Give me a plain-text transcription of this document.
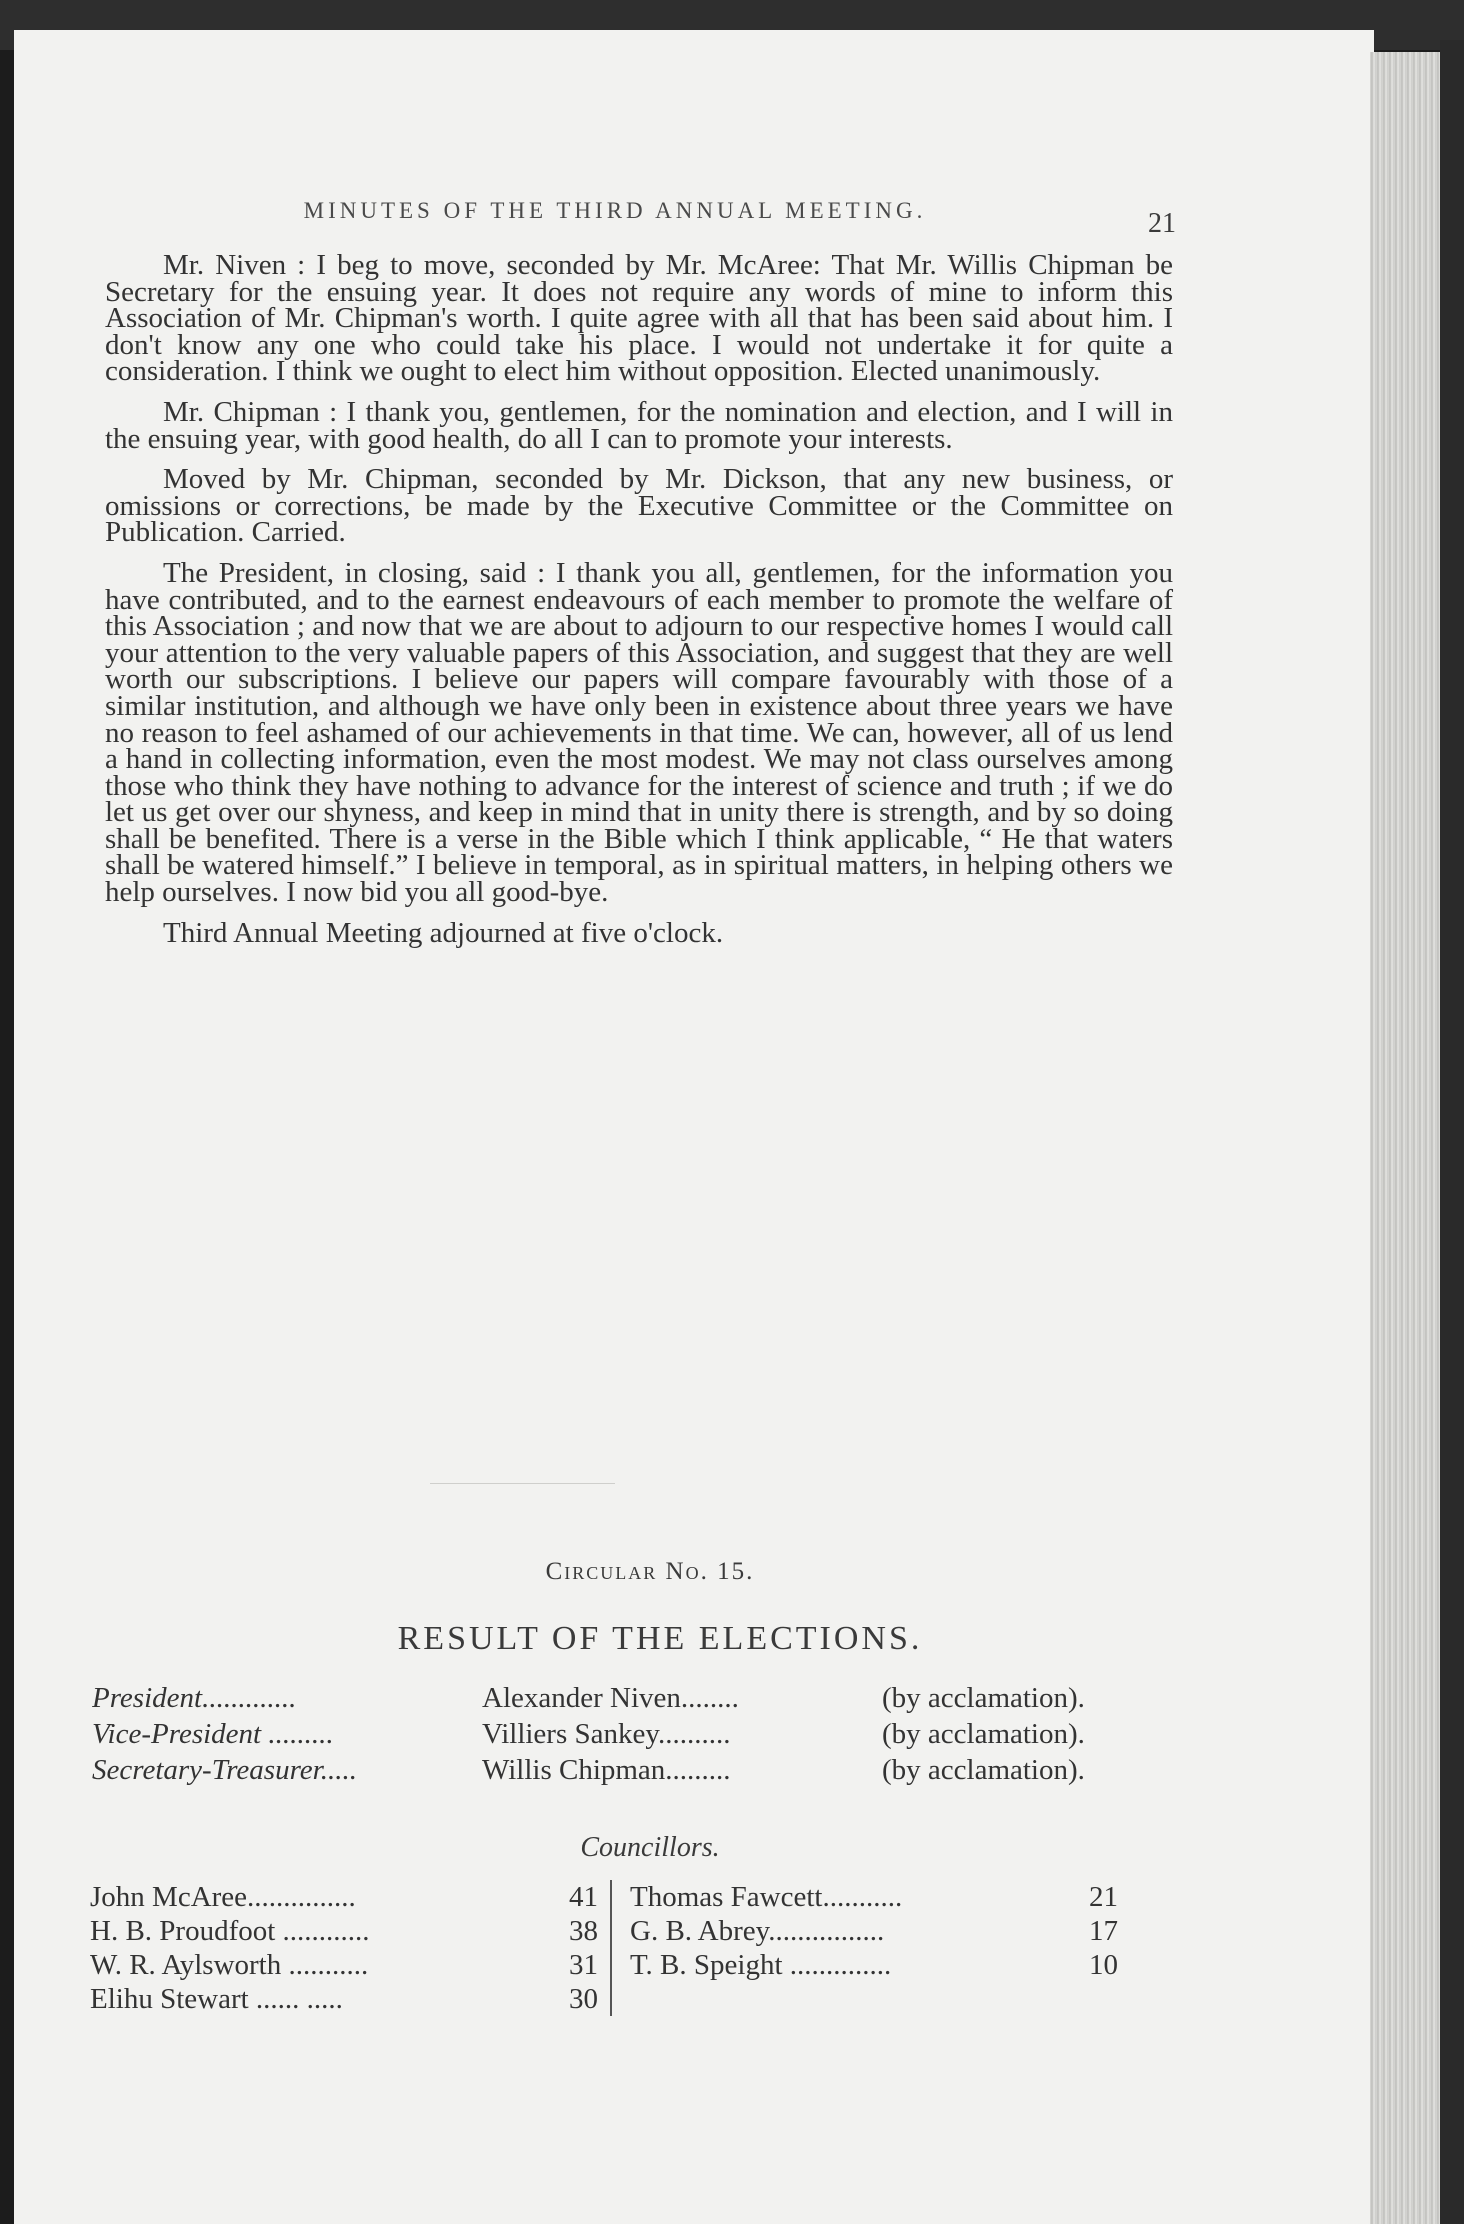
MINUTES OF THE THIRD ANNUAL MEETING.	21

Mr. Niven : I beg to move, seconded by Mr. McAree: That Mr. Willis Chipman be Secretary for the ensuing year. It does not require any words of mine to inform this Association of Mr. Chipman's worth. I quite agree with all that has been said about him. I don't know any one who could take his place. I would not undertake it for quite a consideration. I think we ought to elect him without opposition. Elected unanimously.

Mr. Chipman : I thank you, gentlemen, for the nomination and election, and I will in the ensuing year, with good health, do all I can to promote your interests.

Moved by Mr. Chipman, seconded by Mr. Dickson, that any new business, or omissions or corrections, be made by the Executive Committee or the Committee on Publication. Carried.

The President, in closing, said : I thank you all, gentlemen, for the information you have contributed, and to the earnest endeavours of each member to promote the welfare of this Association ; and now that we are about to adjourn to our respective homes I would call your attention to the very valuable papers of this Association, and suggest that they are well worth our subscriptions. I believe our papers will compare favourably with those of a similar institution, and although we have only been in existence about three years we have no reason to feel ashamed of our achievements in that time. We can, however, all of us lend a hand in collecting information, even the most modest. We may not class ourselves among those who think they have nothing to advance for the interest of science and truth ; if we do let us get over our shyness, and keep in mind that in unity there is strength, and by so doing shall be benefited. There is a verse in the Bible which I think applicable, “ He that waters shall be watered himself.” I believe in temporal, as in spiritual matters, in helping others we help ourselves. I now bid you all good-bye.

Third Annual Meeting adjourned at five o'clock.

Circular No. 15.
RESULT OF THE ELECTIONS.
President.............	Alexander Niven........	(by acclamation).
Vice-President .........	Villiers Sankey..........	(by acclamation).
Secretary-Treasurer.....	Willis Chipman.........	(by acclamation).
Councillors.
John McAree...............	41
H. B. Proudfoot ............	38
W. R. Aylsworth ...........	31
Elihu Stewart ...... .....	30
Thomas Fawcett...........	21
G. B. Abrey................	17
T. B. Speight ..............	10
